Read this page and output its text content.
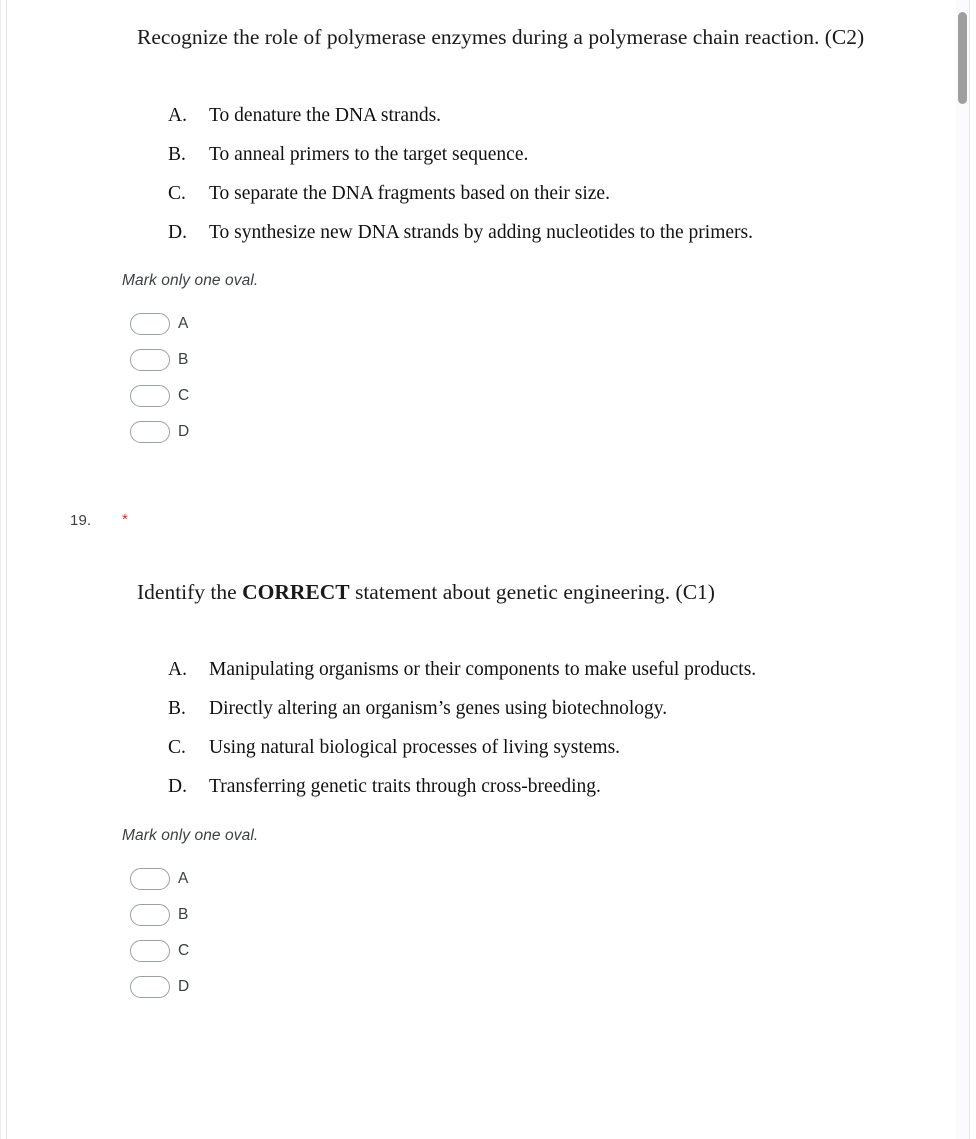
Recognize the role of polymerase enzymes during a polymerase chain reaction. (C2)
A.	To denature the DNA strands.
B.	To anneal primers to the target sequence.
C.	To separate the DNA fragments based on their size.
D.	To synthesize new DNA strands by adding nucleotides to the primers.
Mark only one oval.
A
B
C
D
19.	*
Identify the CORRECT statement about genetic engineering. (C1)
A.	Manipulating organisms or their components to make useful products.
B.	Directly altering an organism’s genes using biotechnology.
C.	Using natural biological processes of living systems.
D.	Transferring genetic traits through cross-breeding.
Mark only one oval.
A
B
C
D
